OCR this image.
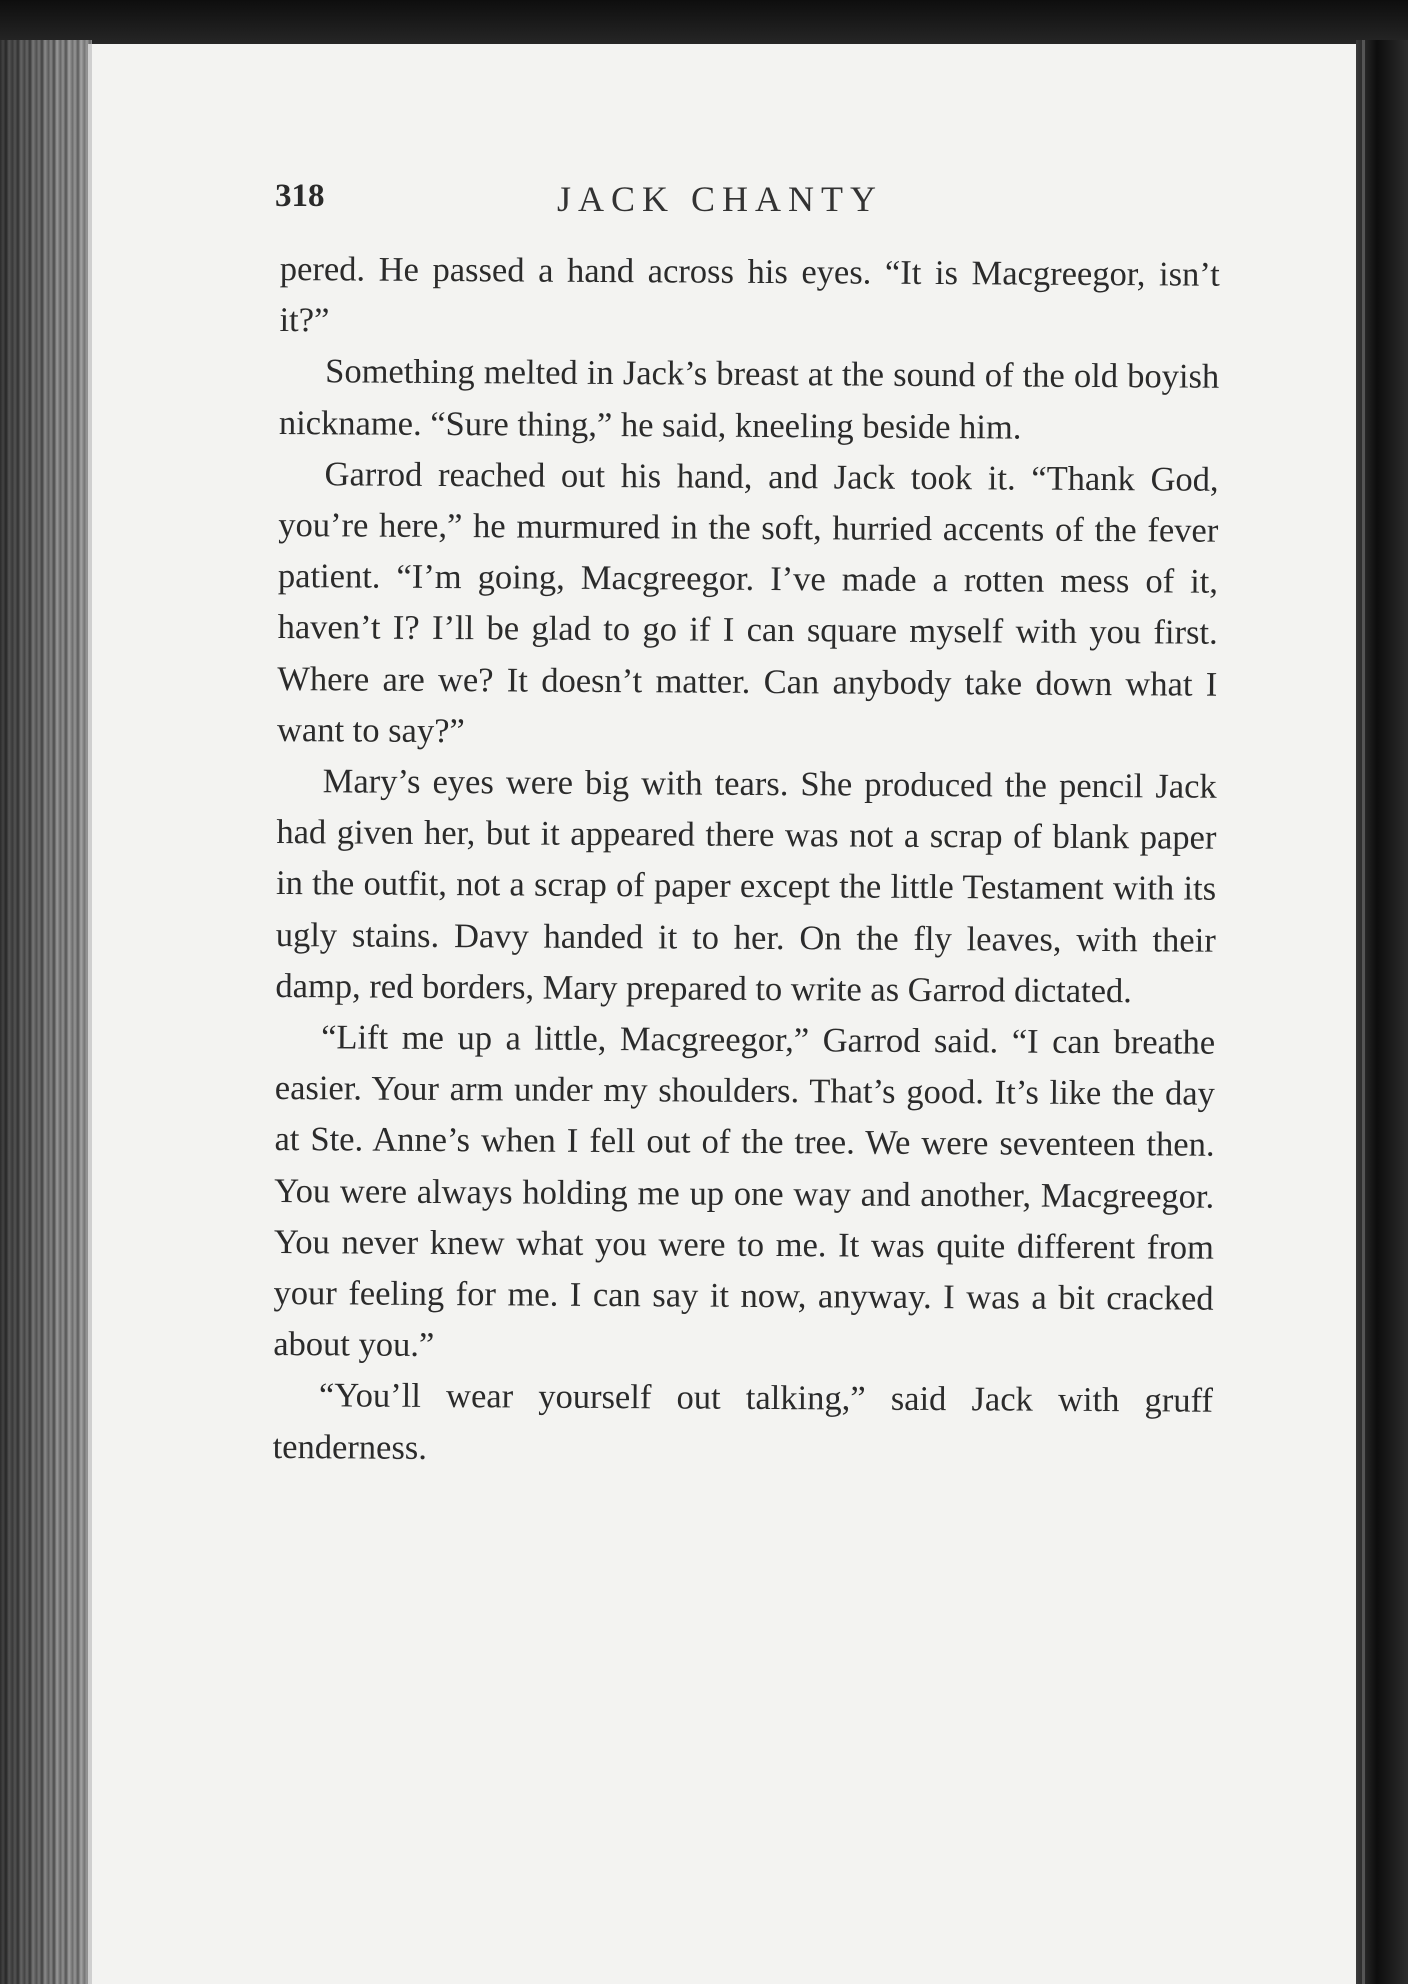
318	JACK CHANTY

pered. He passed a hand across his eyes. “It is Macgreegor, isn’t it?”

Something melted in Jack’s breast at the sound of the old boyish nickname. “Sure thing,” he said, kneeling beside him.

Garrod reached out his hand, and Jack took it. “Thank God, you’re here,” he murmured in the soft, hurried accents of the fever patient. “I’m going, Macgreegor. I’ve made a rotten mess of it, haven’t I? I’ll be glad to go if I can square myself with you first. Where are we? It doesn’t matter. Can anybody take down what I want to say?”

Mary’s eyes were big with tears. She produced the pencil Jack had given her, but it appeared there was not a scrap of blank paper in the outfit, not a scrap of paper except the little Testament with its ugly stains. Davy handed it to her. On the fly leaves, with their damp, red borders, Mary prepared to write as Garrod dictated.

“Lift me up a little, Macgreegor,” Garrod said. “I can breathe easier. Your arm under my shoulders. That’s good. It’s like the day at Ste. Anne’s when I fell out of the tree. We were seventeen then. You were always holding me up one way and another, Macgreegor. You never knew what you were to me. It was quite different from your feeling for me. I can say it now, anyway. I was a bit cracked about you.”

“You’ll wear yourself out talking,” said Jack with gruff tenderness.
